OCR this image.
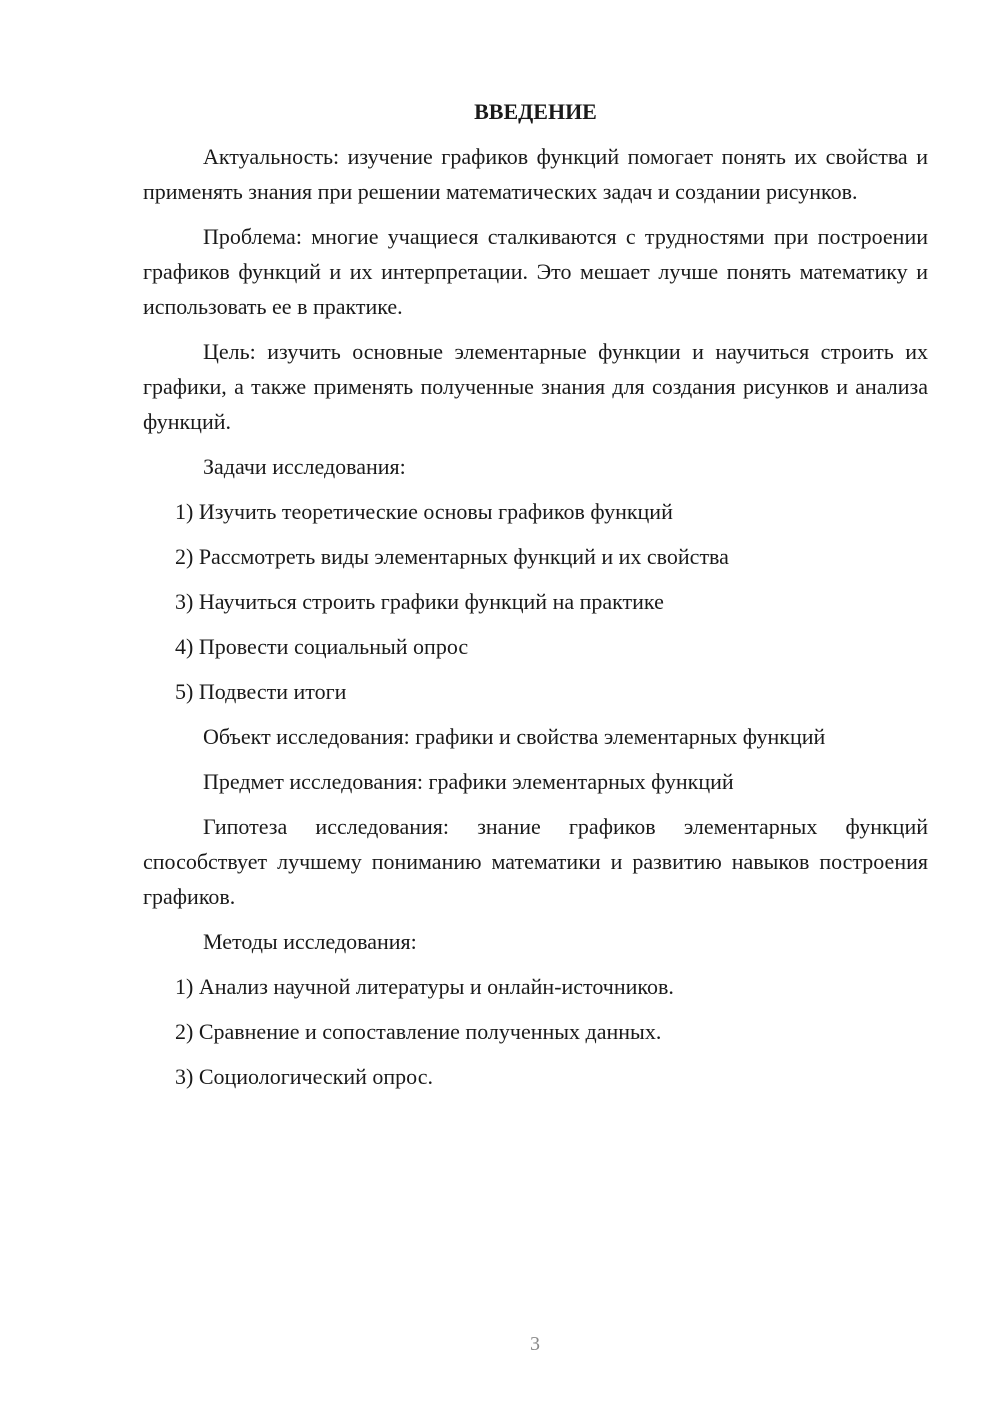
ВВЕДЕНИЕ

Актуальность: изучение графиков функций помогает понять их свойства и применять знания при решении математических задач и создании рисунков.

Проблема: многие учащиеся сталкиваются с трудностями при построении графиков функций и их интерпретации. Это мешает лучше понять математику и использовать ее в практике.

Цель: изучить основные элементарные функции и научиться строить их графики, а также применять полученные знания для создания рисунков и анализа функций.

Задачи исследования:

1) Изучить теоретические основы графиков функций

2) Рассмотреть виды элементарных функций и их свойства

3) Научиться строить графики функций на практике

4) Провести социальный опрос

5) Подвести итоги

Объект исследования: графики и свойства элементарных функций

Предмет исследования: графики элементарных функций

Гипотеза исследования: знание графиков элементарных функций способствует лучшему пониманию математики и развитию навыков построения графиков.

Методы исследования:

1) Анализ научной литературы и онлайн-источников.

2) Сравнение и сопоставление полученных данных.

3) Социологический опрос.

3
